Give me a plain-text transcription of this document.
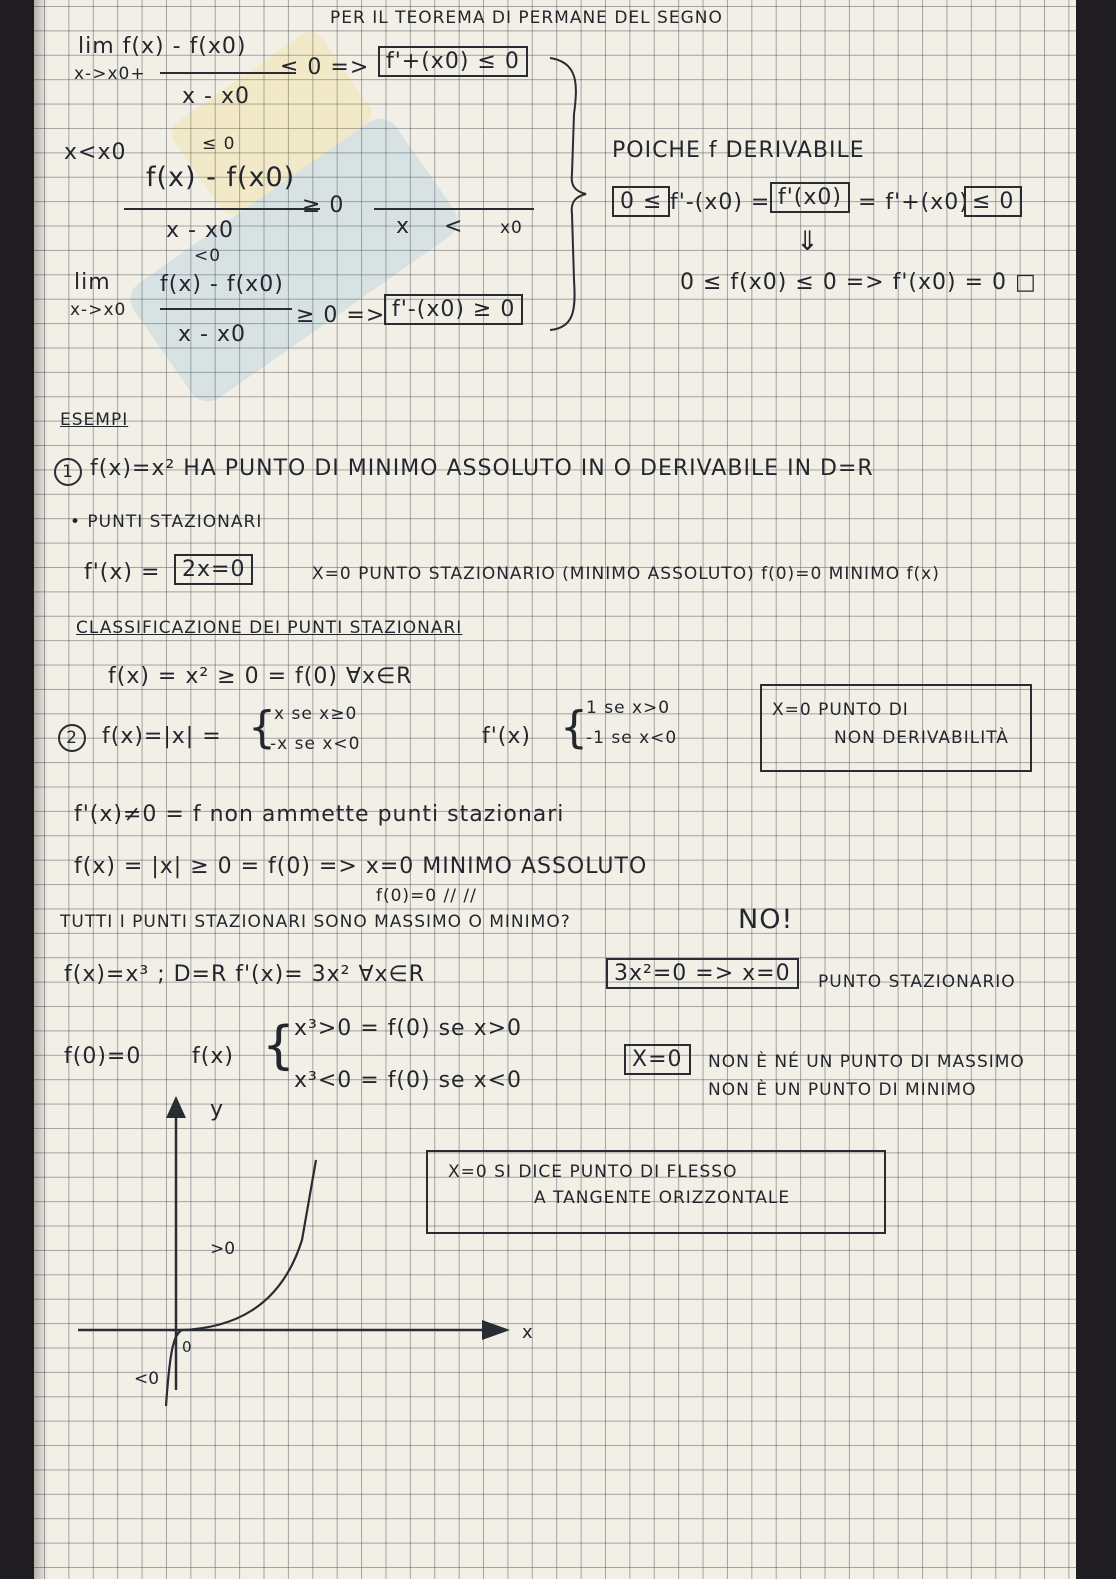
PER IL TEOREMA DI PERMANE DEL SEGNO
lim f(x) - f(x0)
x->x0+
x - x0
≤ 0 => f'+(x0) ≤ 0
x<x0	≤ 0
f(x) - f(x0)
x - x0
<0
≥ 0
x < x0
lim
x->x0
f(x) - f(x0)
x - x0
≥ 0 => f'-(x0) ≥ 0
POICHE f DERIVABILE
0 ≤ f'-(x0) = f'(x0) = f'+(x0) ≤ 0
⇓
0 ≤ f(x0) ≤ 0 => f'(x0) = 0 □
ESEMPI
1 f(x)=x² HA PUNTO DI MINIMO ASSOLUTO IN O DERIVABILE IN D=R
• PUNTI STAZIONARI
f'(x) = 2x=0	X=0 PUNTO STAZIONARIO (MINIMO ASSOLUTO) f(0)=0 MINIMO f(x)
CLASSIFICAZIONE DEI PUNTI STAZIONARI
f(x) = x² ≥ 0 = f(0) ∀x∈R
2	f(x)=|x| = {
x se x≥0
-x se x<0	f'(x) {
1 se x>0
-1 se x<0
X=0 PUNTO DI
NON DERIVABILITÀ
f'(x)≠0 = f non ammette punti stazionari
f(x) = |x| ≥ 0 = f(0) => x=0 MINIMO ASSOLUTO
f(0)=0 // //
TUTTI I PUNTI STAZIONARI SONO MASSIMO O MINIMO?	NO!
f(x)=x³ ; D=R f'(x)= 3x² ∀x∈R	3x²=0 => x=0	PUNTO STAZIONARIO
f(0)=0 f(x) {
x³>0 = f(0) se x>0
x³<0 = f(0) se x<0
X=0	NON È NÉ UN PUNTO DI MASSIMO
NON È UN PUNTO DI MINIMO
X=0 SI DICE PUNTO DI FLESSO
A TANGENTE ORIZZONTALE
y
x
0
>0
<0
